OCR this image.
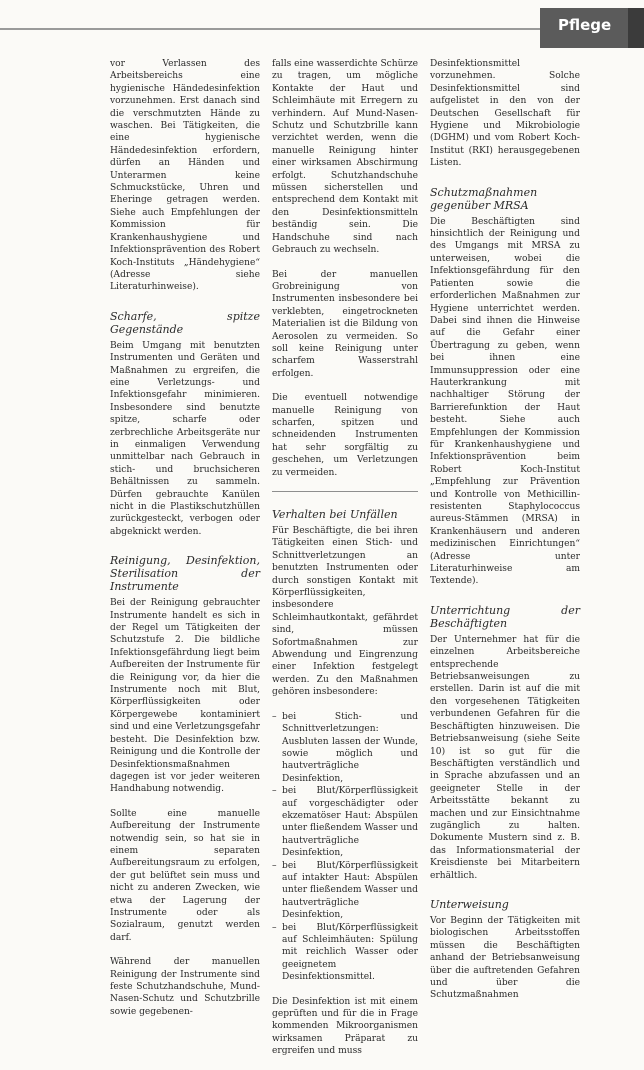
Pflege

vor Verlassen des Arbeitsbereichs eine hygienische Händedesinfektion vorzunehmen. Erst danach sind die verschmutzten Hände zu waschen. Bei Tätigkeiten, die eine hygienische Händedesinfektion erfordern, dürfen an Händen und Unterarmen keine Schmuckstücke, Uhren und Eheringe getragen werden. Siehe auch Empfehlungen der Kommission für Krankenhaushygiene und Infektionsprävention des Robert Koch-Instituts „Händehygiene“ (Adresse siehe Literaturhinweise).

Scharfe, spitze Gegenstände

Beim Umgang mit benutzten Instrumenten und Geräten und Maßnahmen zu ergreifen, die eine Verletzungs- und Infektionsgefahr minimieren. Insbesondere sind benutzte spitze, scharfe oder zerbrechliche Arbeitsgeräte nur in einmaligen Verwendung unmittelbar nach Gebrauch in stich- und bruchsicheren Behältnissen zu sammeln. Dürfen gebrauchte Kanülen nicht in die Plastikschutzhüllen zurückgesteckt, verbogen oder abgeknickt werden.

Reinigung, Desinfektion, Sterilisation der Instrumente

Bei der Reinigung gebrauchter Instrumente handelt es sich in der Regel um Tätigkeiten der Schutzstufe 2. Die bildliche Infektionsgefährdung liegt beim Aufbereiten der Instrumente für die Reinigung vor, da hier die Instrumente noch mit Blut, Körperflüssigkeiten oder Körpergewebe kontaminiert sind und eine Verletzungsgefahr besteht. Die Desinfektion bzw. Reinigung und die Kontrolle der Desinfektionsmaßnahmen dagegen ist vor jeder weiteren Handhabung notwendig.

Sollte eine manuelle Aufbereitung der Instrumente notwendig sein, so hat sie in einem separaten Aufbereitungsraum zu erfolgen, der gut belüftet sein muss und nicht zu anderen Zwecken, wie etwa der Lagerung der Instrumente oder als Sozialraum, genutzt werden darf.

Während der manuellen Reinigung der Instrumente sind feste Schutzhandschuhe, Mund-Nasen-Schutz und Schutzbrille sowie gegebenen-

falls eine wasserdichte Schürze zu tragen, um mögliche Kontakte der Haut und Schleimhäute mit Erregern zu verhindern. Auf Mund-Nasen-Schutz und Schutzbrille kann verzichtet werden, wenn die manuelle Reinigung hinter einer wirksamen Abschirmung erfolgt. Schutzhandschuhe müssen sicherstellen und entsprechend dem Kontakt mit den Desinfektionsmitteln beständig sein. Die Handschuhe sind nach Gebrauch zu wechseln.

Bei der manuellen Grobreinigung von Instrumenten insbesondere bei verklebten, eingetrockneten Materialien ist die Bildung von Aerosolen zu vermeiden. So soll keine Reinigung unter scharfem Wasserstrahl erfolgen.

Die eventuell notwendige manuelle Reinigung von scharfen, spitzen und schneidenden Instrumenten hat sehr sorgfältig zu geschehen, um Verletzungen zu vermeiden.

Verhalten bei Unfällen

Für Beschäftigte, die bei ihren Tätigkeiten einen Stich- und Schnittverletzungen an benutzten Instrumenten oder durch sonstigen Kontakt mit Körperflüssigkeiten, insbesondere Schleimhautkontakt, gefährdet sind, müssen Sofortmaßnahmen zur Abwendung und Eingrenzung einer Infektion festgelegt werden. Zu den Maßnahmen gehören insbesondere:

– bei Stich- und Schnittverletzungen: Ausbluten lassen der Wunde, sowie möglich und hautverträgliche Desinfektion,
– bei Blut/Körperflüssigkeit auf vorgeschädigter oder ekzematöser Haut: Abspülen unter fließendem Wasser und hautverträgliche Desinfektion,
– bei Blut/Körperflüssigkeit auf intakter Haut: Abspülen unter fließendem Wasser und hautverträgliche Desinfektion,
– bei Blut/Körperflüssigkeit auf Schleimhäuten: Spülung mit reichlich Wasser oder geeignetem Desinfektionsmittel.

Die Desinfektion ist mit einem geprüften und für die in Frage kommenden Mikroorganismen wirksamen Präparat zu ergreifen und muss

Desinfektionsmittel vorzunehmen. Solche Desinfektionsmittel sind aufgelistet in den von der Deutschen Gesellschaft für Hygiene und Mikrobiologie (DGHM) und vom Robert Koch-Institut (RKI) herausgegebenen Listen.

Schutzmaßnahmen gegenüber MRSA

Die Beschäftigten sind hinsichtlich der Reinigung und des Umgangs mit MRSA zu unterweisen, wobei die Infektionsgefährdung für den Patienten sowie die erforderlichen Maßnahmen zur Hygiene unterrichtet werden. Dabei sind ihnen die Hinweise auf die Gefahr einer Übertragung zu geben, wenn bei ihnen eine Immunsuppression oder eine Hauterkrankung mit nachhaltiger Störung der Barrierefunktion der Haut besteht. Siehe auch Empfehlungen der Kommission für Krankenhaushygiene und Infektionsprävention beim Robert Koch-Institut „Empfehlung zur Prävention und Kontrolle von Methicillin-resistenten Staphylococcus aureus-Stämmen (MRSA) in Krankenhäusern und anderen medizinischen Einrichtungen“ (Adresse unter Literaturhinweise am Textende).

Unterrichtung der Beschäftigten

Der Unternehmer hat für die einzelnen Arbeitsbereiche entsprechende Betriebsanweisungen zu erstellen. Darin ist auf die mit den vorgesehenen Tätigkeiten verbundenen Gefahren für die Beschäftigten hinzuweisen. Die Betriebsanweisung (siehe Seite 10) ist so gut für die Beschäftigten verständlich und in Sprache abzufassen und an geeigneter Stelle in der Arbeitsstätte bekannt zu machen und zur Einsichtnahme zugänglich zu halten. Dokumente Mustern sind z. B. das Informationsmaterial der Kreisdienste bei Mitarbeitern erhältlich.

Unterweisung

Vor Beginn der Tätigkeiten mit biologischen Arbeitsstoffen müssen die Beschäftigten anhand der Betriebsanweisung über die auftretenden Gefahren und über die Schutzmaßnahmen
